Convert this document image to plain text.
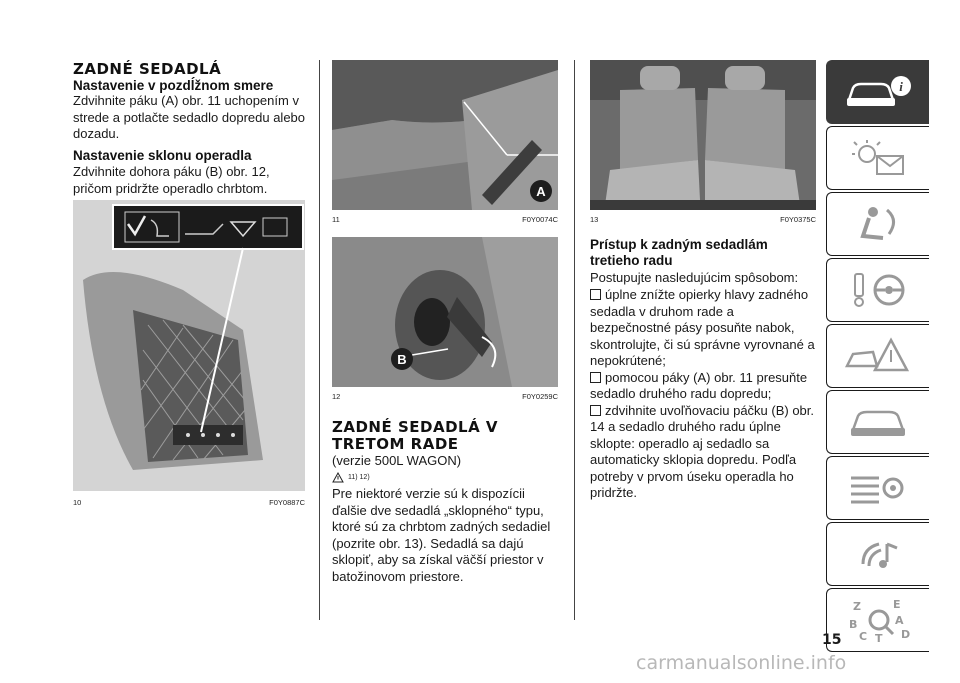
ZADNÉ SEDADLÁ
Nastavenie v pozdĺžnom smere

Zdvihnite páku (A) obr. 11 uchopením v strede a potlačte sedadlo dopredu alebo dozadu.

Nastavenie sklonu operadla

Zdvihnite dohora páku (B) obr. 12, pričom pridržte operadlo chrbtom.

10	F0Y0887C
A
11	F0Y0074C
B
12	F0Y0259C
ZADNÉ SEDADLÁ V TRETOM RADE

(verzie 500L WAGON)

11) 12)

Pre niektoré verzie sú k dispozícii ďalšie dve sedadlá „sklopného“ typu, ktoré sú za chrbtom zadných sedadiel (pozrite obr. 13). Sedadlá sa dajú sklopiť, aby sa získal väčší priestor v batožinovom priestore.

13	F0Y0375C
Prístup k zadným sedadlám tretieho radu

Postupujte nasledujúcim spôsobom:

úplne znížte opierky hlavy zadného sedadla v druhom rade a bezpečnostné pásy posuňte nabok, skontrolujte, či sú správne vyrovnané a nepokrútené;
pomocou páky (A) obr. 11 presuňte sedadlo druhého radu dopredu;
zdvihnite uvoľňovaciu páčku (B) obr. 14 a sedadlo druhého radu úplne sklopte: operadlo aj sedadlo sa automaticky sklopia dopredu. Podľa potreby v prvom úseku operadla ho pridržte.
i
Z	E
B	A
C T D
15
carmanualsonline.info
